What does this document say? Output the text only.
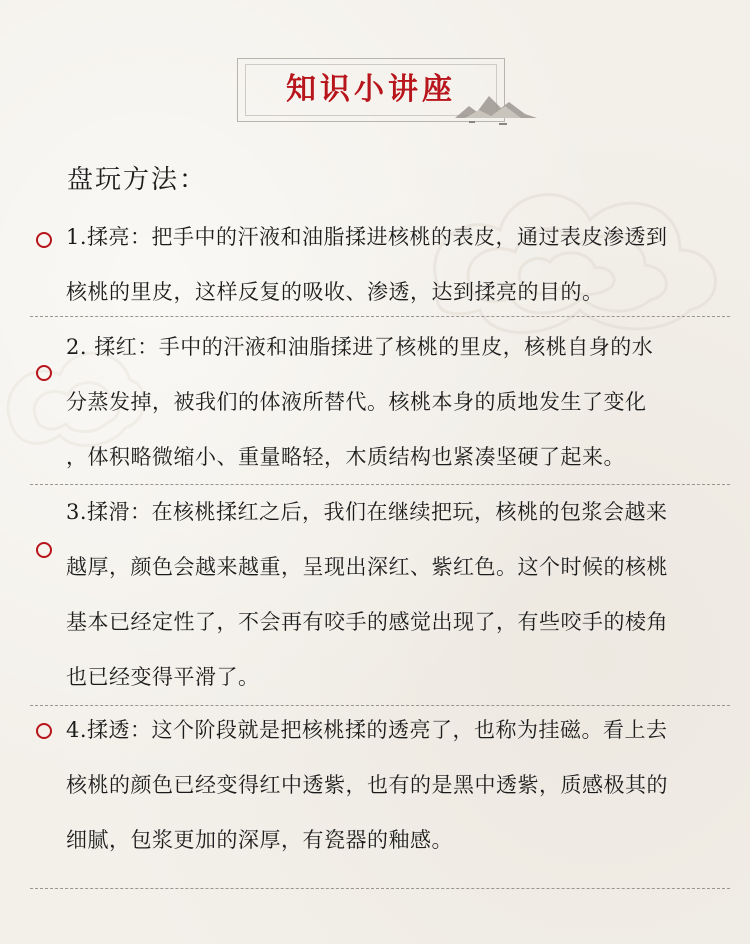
知识小讲座
盘玩方法：
1.揉亮：把手中的汗液和油脂揉进核桃的表皮，通过表皮渗透到
核桃的里皮，这样反复的吸收、渗透，达到揉亮的目的。
2. 揉红：手中的汗液和油脂揉进了核桃的里皮，核桃自身的水
分蒸发掉，被我们的体液所替代。核桃本身的质地发生了变化
，体积略微缩小、重量略轻，木质结构也紧凑坚硬了起来。
3.揉滑：在核桃揉红之后，我们在继续把玩，核桃的包浆会越来
越厚，颜色会越来越重，呈现出深红、紫红色。这个时候的核桃
基本已经定性了，不会再有咬手的感觉出现了，有些咬手的棱角
也已经变得平滑了。
4.揉透：这个阶段就是把核桃揉的透亮了，也称为挂磁。看上去
核桃的颜色已经变得红中透紫，也有的是黑中透紫，质感极其的
细腻，包浆更加的深厚，有瓷器的釉感。
